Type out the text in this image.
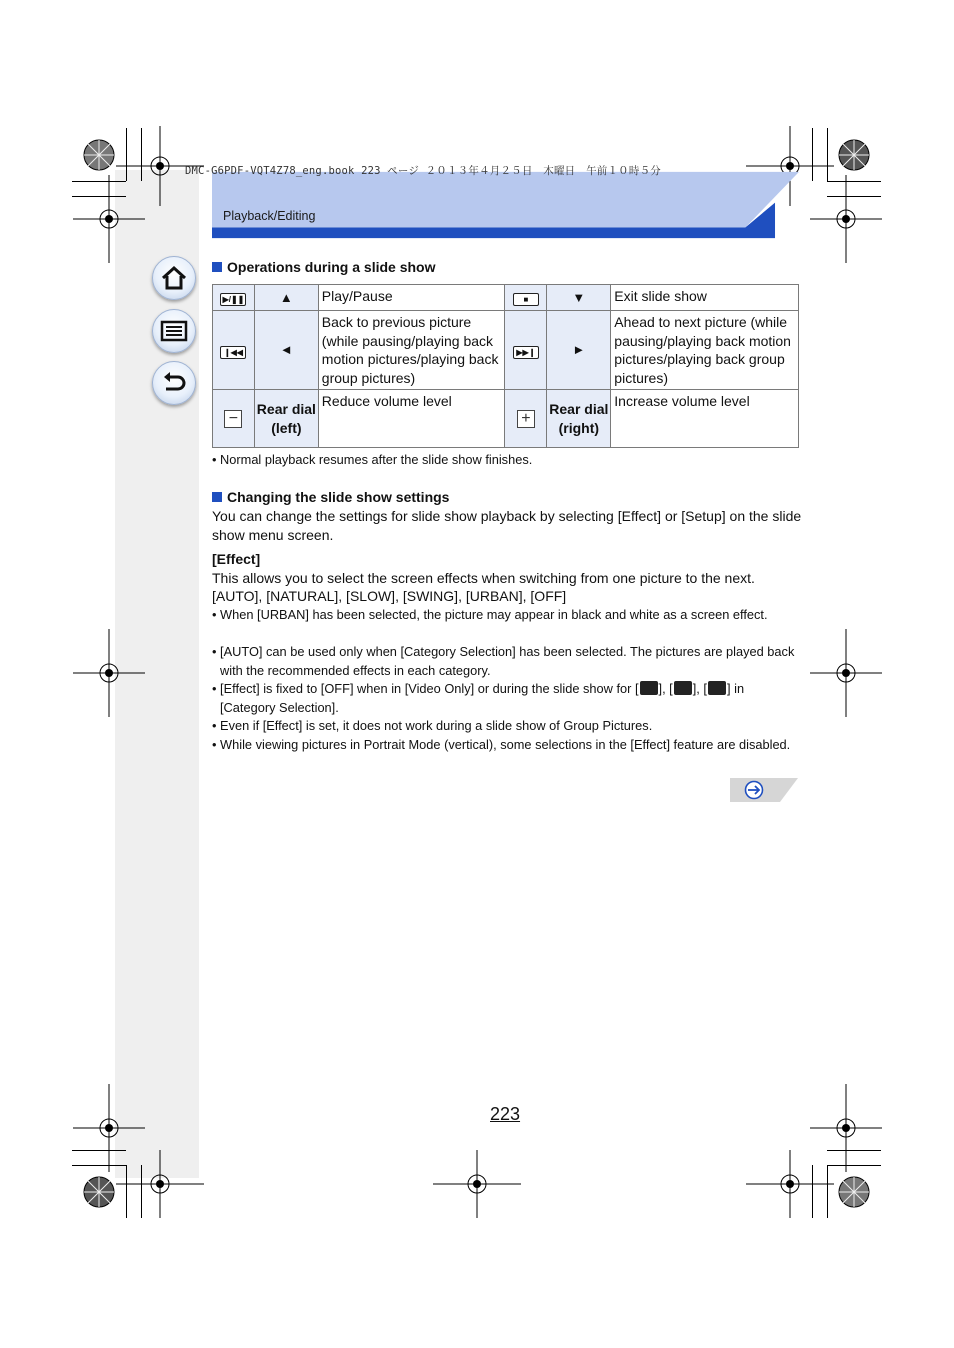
DMC-G6PDF-VQT4Z78_eng.book 223 ページ ２０１３年４月２５日　木曜日　午前１０時５分
Playback/Editing
Operations during a slide show
▶/❚❚	▲	Play/Pause	■	▼	Exit slide show
❙◀◀	◄	Back to previous picture (while pausing/playing back motion pictures/playing back group pictures)	▶▶❙	►	Ahead to next picture (while pausing/playing back motion pictures/playing back group pictures)
−	Rear dial (left)	Reduce volume level	+	Rear dial (right)	Increase volume level

• Normal playback resumes after the slide show finishes.

Changing the slide show settings

You can change the settings for slide show playback by selecting [Effect] or [Setup] on the slide show menu screen.

[Effect]

This allows you to select the screen effects when switching from one picture to the next.

[AUTO], [NATURAL], [SLOW], [SWING], [URBAN], [OFF]

• When [URBAN] has been selected, the picture may appear in black and white as a screen effect.

• [AUTO] can be used only when [Category Selection] has been selected. The pictures are played back with the recommended effects in each category.

• [Effect] is fixed to [OFF] when in [Video Only] or during the slide show for [ ], [ ], [ ] in [Category Selection].

• Even if [Effect] is set, it does not work during a slide show of Group Pictures.

• While viewing pictures in Portrait Mode (vertical), some selections in the [Effect] feature are disabled.

223
